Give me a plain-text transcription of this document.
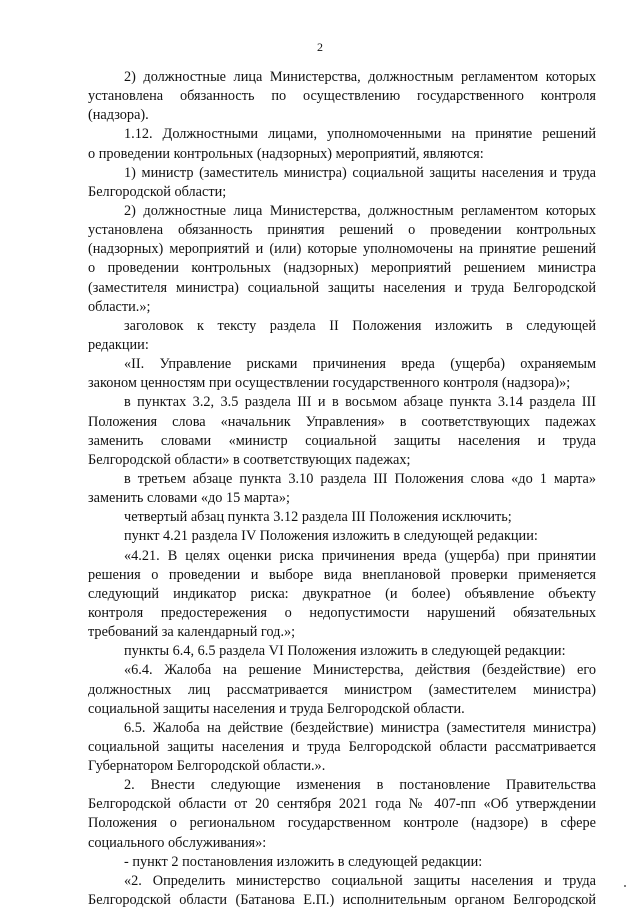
2
2) должностные лица Министерства, должностным регламентом которых
установлена обязанность по осуществлению государственного контроля
(надзора).
1.12. Должностными лицами, уполномоченными на принятие решений
о проведении контрольных (надзорных) мероприятий, являются:
1) министр (заместитель министра) социальной защиты населения и труда
Белгородской области;
2) должностные лица Министерства, должностным регламентом которых
установлена обязанность принятия решений о проведении контрольных
(надзорных) мероприятий и (или) которые уполномочены на принятие решений
о проведении контрольных (надзорных) мероприятий решением министра
(заместителя министра) социальной защиты населения и труда Белгородской
области.»;
заголовок к тексту раздела II Положения изложить в следующей
редакции:
«II. Управление рисками причинения вреда (ущерба) охраняемым
законом ценностям при осуществлении государственного контроля (надзора)»;
в пунктах 3.2, 3.5 раздела III и в восьмом абзаце пункта 3.14 раздела III
Положения слова «начальник Управления» в соответствующих падежах
заменить словами «министр социальной защиты населения и труда
Белгородской области» в соответствующих падежах;
в третьем абзаце пункта 3.10 раздела III Положения слова «до 1 марта»
заменить словами «до 15 марта»;
четвертый абзац пункта 3.12 раздела III Положения исключить;
пункт 4.21 раздела IV Положения изложить в следующей редакции:
«4.21. В целях оценки риска причинения вреда (ущерба) при принятии
решения о проведении и выборе вида внеплановой проверки применяется
следующий индикатор риска: двукратное (и более) объявление объекту
контроля предостережения о недопустимости нарушений обязательных
требований за календарный год.»;
пункты 6.4, 6.5 раздела VI Положения изложить в следующей редакции:
«6.4. Жалоба на решение Министерства, действия (бездействие) его
должностных лиц рассматривается министром (заместителем министра)
социальной защиты населения и труда Белгородской области.
6.5. Жалоба на действие (бездействие) министра (заместителя министра)
социальной защиты населения и труда Белгородской области рассматривается
Губернатором Белгородской области.».
2. Внести следующие изменения в постановление Правительства
Белгородской области от 20 сентября 2021 года № 407-пп «Об утверждении
Положения о региональном государственном контроле (надзоре) в сфере
социального обслуживания»:
- пункт 2 постановления изложить в следующей редакции:
«2. Определить министерство социальной защиты населения и труда
Белгородской области (Батанова Е.П.) исполнительным органом Белгородской
